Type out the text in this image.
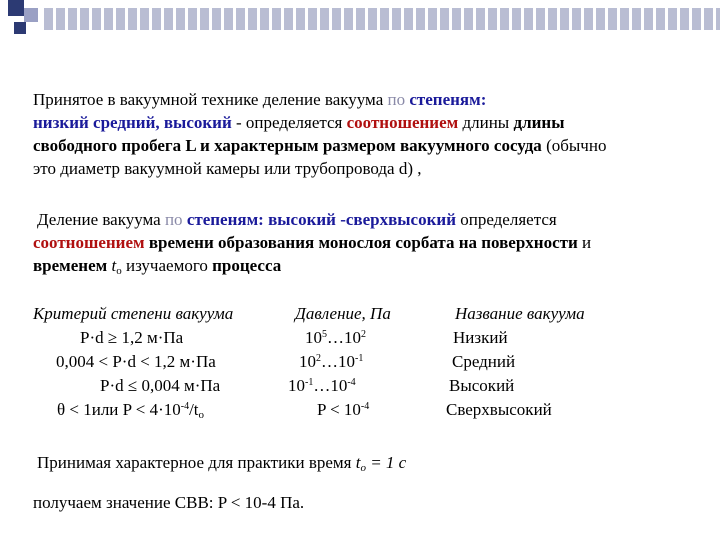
Принятое в вакуумной технике деление вакуума по степеням:
низкий средний, высокий - определяется соотношением длины длины
свободного пробега L и характерным размером вакуумного сосуда (обычно
это диаметр вакуумной камеры или трубопровода d) ,
Деление вакуума по степеням: высокий -сверхвысокий определяется
соотношением времени образования монослоя сорбата на поверхности и
временем $t_o$ изучаемого процесса
Критерий степени вакуума	Давление, Па	Название вакуума
P·d ≥ 1,2 м·Па	$10^5\dots 10^2$	Низкий
0,004 < P·d < 1,2 м·Па	$10^2\dots 10^{-1}$	Средний
P·d ≤ 0,004 м·Па	$10^{-1}\dots 10^{-4}$	Высокий
θ < 1или $P < 4\cdot 10^{-4}/t_o$	$P < 10^{-4}$	Сверхвысокий
Принимая характерное для практики время $t_o = 1$ с
получаем значение СВВ: P < 10-4 Па.
